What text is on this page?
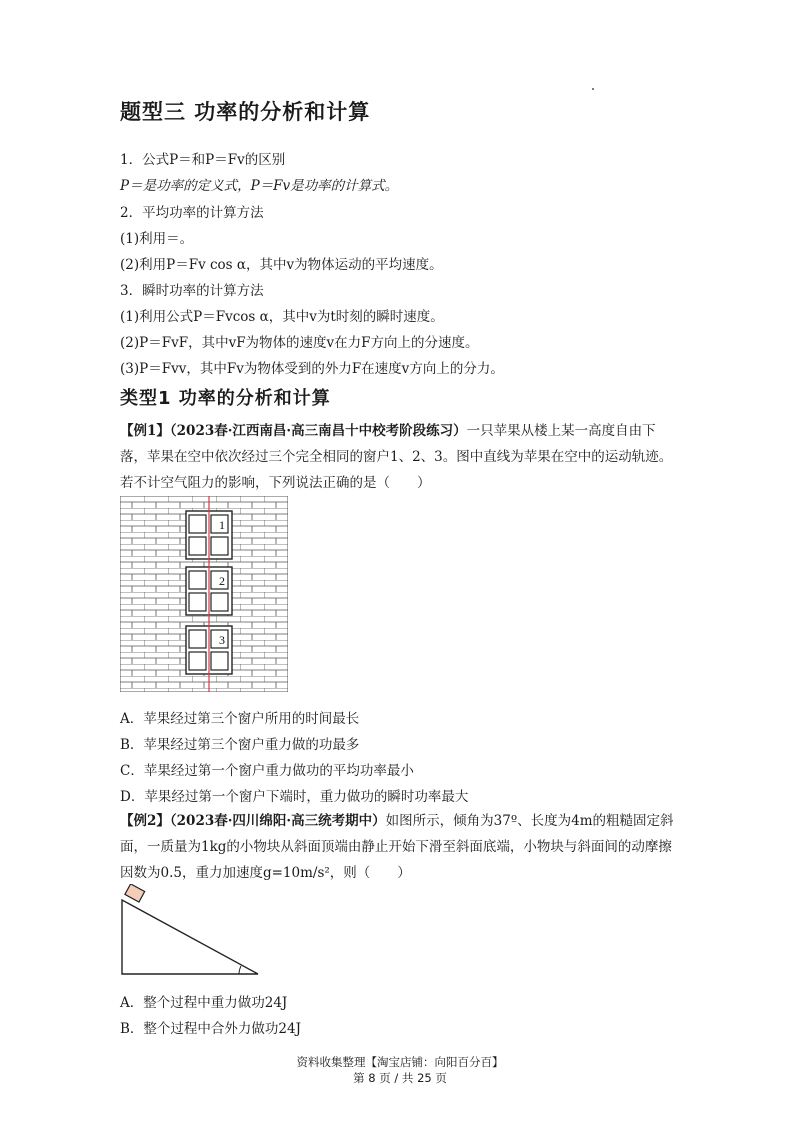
题型三 功率的分析和计算
1．公式P＝和P＝Fv的区别
P＝是功率的定义式，P＝Fv是功率的计算式。
2．平均功率的计算方法
(1)利用＝。
(2)利用P＝Fv cos α，其中v为物体运动的平均速度。
3．瞬时功率的计算方法
(1)利用公式P＝Fvcos α，其中v为t时刻的瞬时速度。
(2)P＝FvF，其中vF为物体的速度v在力F方向上的分速度。
(3)P＝Fvv，其中Fv为物体受到的外力F在速度v方向上的分力。
类型1 功率的分析和计算
【例1】（2023春·江西南昌·高三南昌十中校考阶段练习）一只苹果从楼上某一高度自由下落，苹果在空中依次经过三个完全相同的窗户1、2、3。图中直线为苹果在空中的运动轨迹。若不计空气阻力的影响，下列说法正确的是（　　）
1
2
3
A．苹果经过第三个窗户所用的时间最长
B．苹果经过第三个窗户重力做的功最多
C．苹果经过第一个窗户重力做功的平均功率最小
D．苹果经过第一个窗户下端时，重力做功的瞬时功率最大
【例2】（2023春·四川绵阳·高三统考期中）如图所示，倾角为37º、长度为4m的粗糙固定斜面，一质量为1kg的小物块从斜面顶端由静止开始下滑至斜面底端，小物块与斜面间的动摩擦因数为0.5，重力加速度g=10m/s²，则（　　）
A．整个过程中重力做功24J
B．整个过程中合外力做功24J
资料收集整理【淘宝店铺：向阳百分百】
第 8 页 / 共 25 页
